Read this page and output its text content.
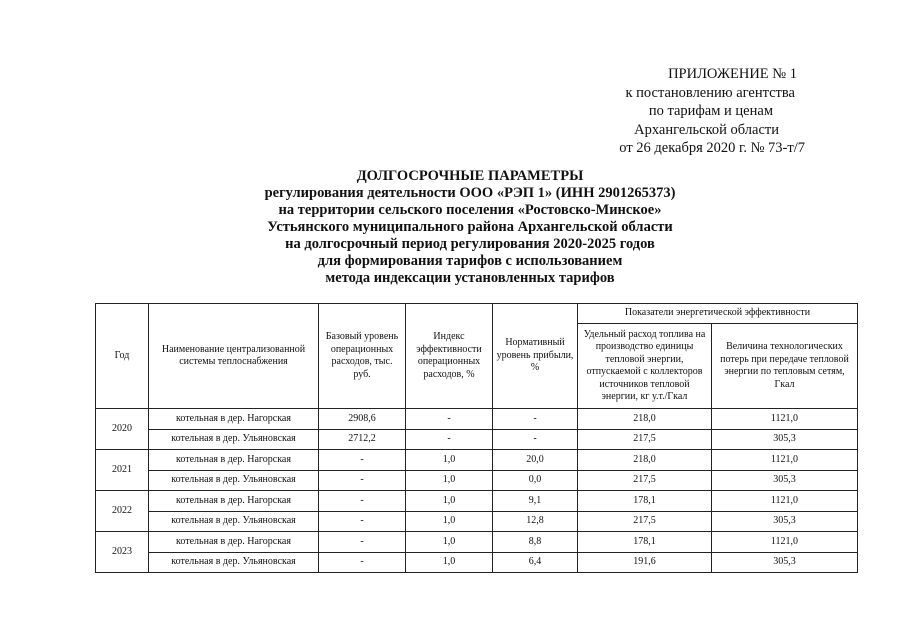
ПРИЛОЖЕНИЕ № 1
к постановлению агентства
по тарифам и ценам
Архангельской области
от 26 декабря 2020 г. № 73-т/7
ДОЛГОСРОЧНЫЕ ПАРАМЕТРЫ
регулирования деятельности ООО «РЭП 1» (ИНН 2901265373)
на территории сельского поселения «Ростовско-Минское»
Устьянского муниципального района Архангельской области
на долгосрочный период регулирования 2020-2025 годов
для формирования тарифов с использованием
метода индексации установленных тарифов
Год	Наименование централизованной системы теплоснабжения	Базовый уровень операционных расходов, тыс. руб.	Индекс эффективности операционных расходов, %	Нормативный уровень прибыли, %	Показатели энергетической эффективности	
					Удельный расход топлива на производство единицы тепловой энергии, отпускаемой с коллекторов источников тепловой энергии, кг у.т./Гкал	Величина технологических потерь при передаче тепловой энергии по тепловым сетям, Гкал
2020	котельная в дер. Нагорская	2908,6	-	-	218,0	1121,0
	котельная в дер. Ульяновская	2712,2	-	-	217,5	305,3
2021	котельная в дер. Нагорская	-	1,0	20,0	218,0	1121,0
	котельная в дер. Ульяновская	-	1,0	0,0	217,5	305,3
2022	котельная в дер. Нагорская	-	1,0	9,1	178,1	1121,0
	котельная в дер. Ульяновская	-	1,0	12,8	217,5	305,3
2023	котельная в дер. Нагорская	-	1,0	8,8	178,1	1121,0
	котельная в дер. Ульяновская	-	1,0	6,4	191,6	305,3
